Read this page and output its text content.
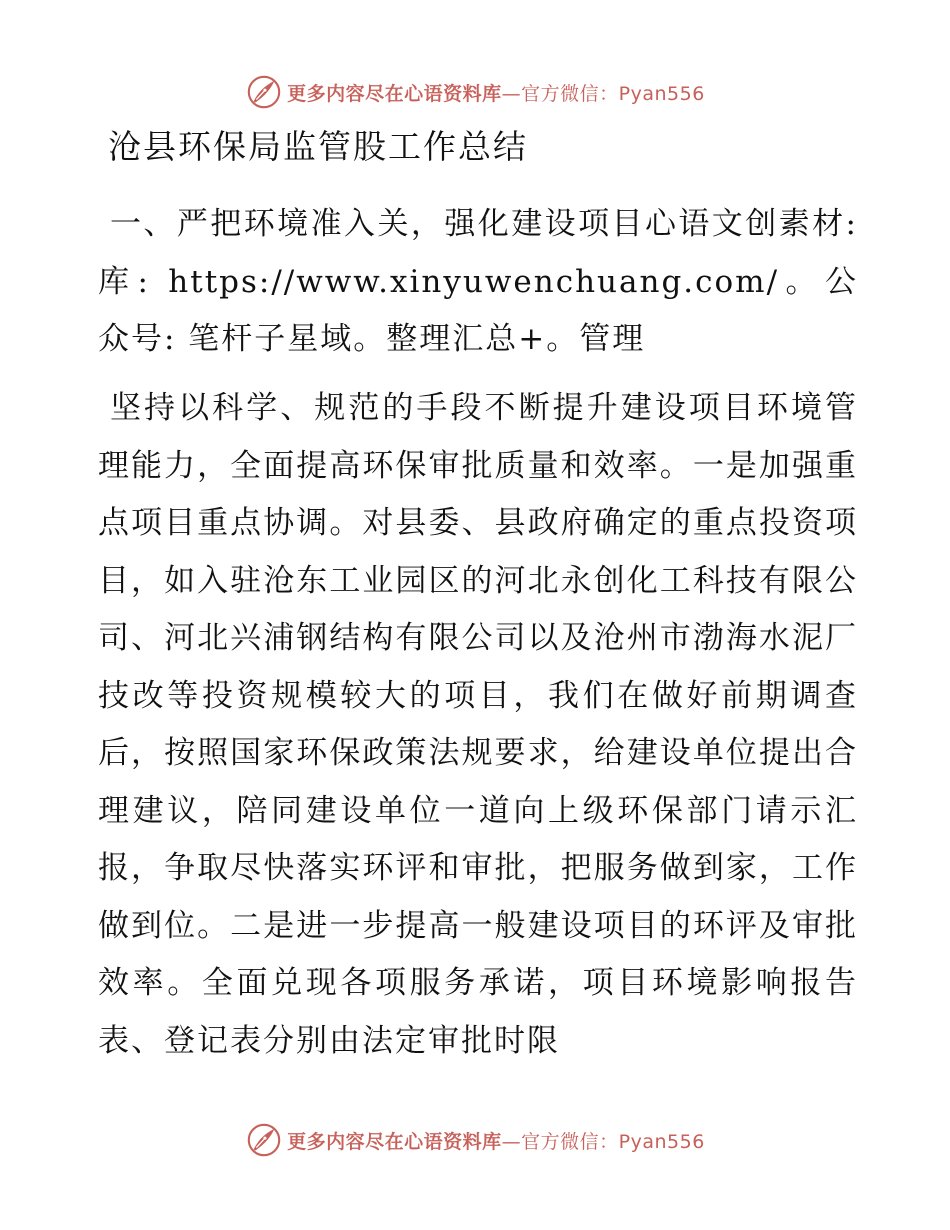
更多内容尽在心语资料库—官方微信：Pyan556
沧县环保局监管股工作总结

一、严把环境准入关，强化建设项目心语文创素材:库: https://www.xinyuwenchuang.com/。公众号: 笔杆子星域。整理汇总+。管理

坚持以科学、规范的手段不断提升建设项目环境管理能力，全面提高环保审批质量和效率。一是加强重点项目重点协调。对县委、县政府确定的重点投资项目，如入驻沧东工业园区的河北永创化工科技有限公司、河北兴浦钢结构有限公司以及沧州市渤海水泥厂技改等投资规模较大的项目，我们在做好前期调查后，按照国家环保政策法规要求，给建设单位提出合理建议，陪同建设单位一道向上级环保部门请示汇报，争取尽快落实环评和审批，把服务做到家，工作做到位。二是进一步提高一般建设项目的环评及审批效率。全面兑现各项服务承诺，项目环境影响报告表、登记表分别由法定审批时限

更多内容尽在心语资料库—官方微信：Pyan556
